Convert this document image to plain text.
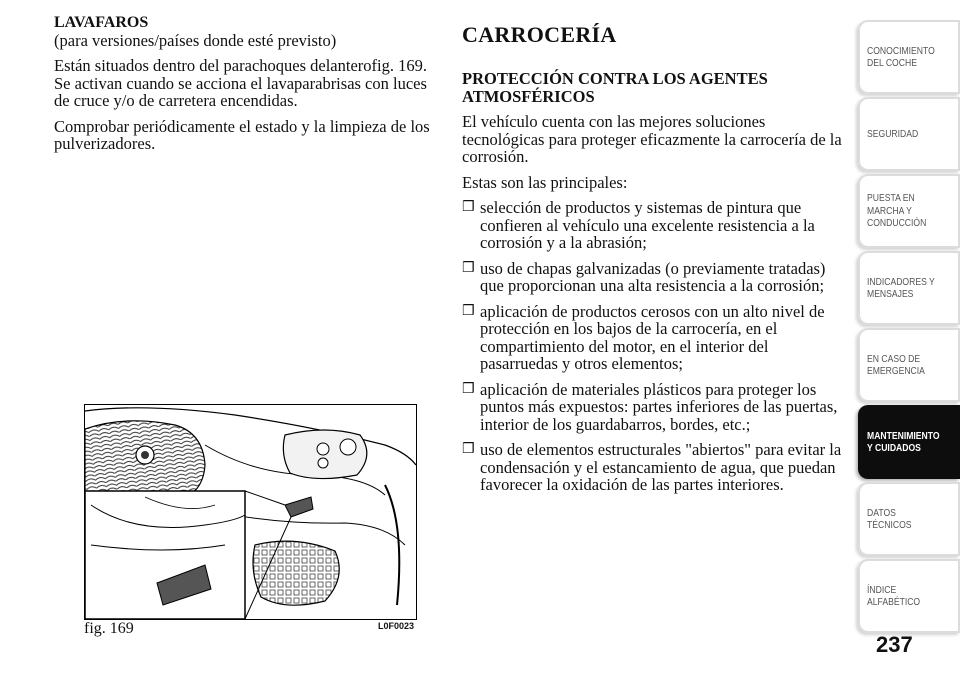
LAVAFAROS

(para versiones/países donde esté previsto)

Están situados dentro del parachoques delanterofig. 169. Se activan cuando se acciona el lavaparabrisas con luces de cruce y/o de carretera encendidas.

Comprobar periódicamente el estado y la limpieza de los pulverizadores.

fig. 169	L0F0023
CARROCERÍA

PROTECCIÓN CONTRA LOS AGENTES ATMOSFÉRICOS

El vehículo cuenta con las mejores soluciones tecnológicas para proteger eficazmente la carrocería de la corrosión.

Estas son las principales:

❒ selección de productos y sistemas de pintura que confieren al vehículo una excelente resistencia a la corrosión y a la abrasión;
❒ uso de chapas galvanizadas (o previamente tratadas) que proporcionan una alta resistencia a la corrosión;
❒ aplicación de productos cerosos con un alto nivel de protección en los bajos de la carrocería, en el compartimiento del motor, en el interior del pasarruedas y otros elementos;
❒ aplicación de materiales plásticos para proteger los puntos más expuestos: partes inferiores de las puertas, interior de los guardabarros, bordes, etc.;
❒ uso de elementos estructurales "abiertos" para evitar la condensación y el estancamiento de agua, que puedan favorecer la oxidación de las partes interiores.
CONOCIMIENTO
DEL COCHE
SEGURIDAD
PUESTA EN
MARCHA Y
CONDUCCIÓN
INDICADORES Y
MENSAJES
EN CASO DE
EMERGENCIA
MANTENIMIENTO
Y CUIDADOS
DATOS TÉCNICOS
ÍNDICE
ALFABÉTICO
237
